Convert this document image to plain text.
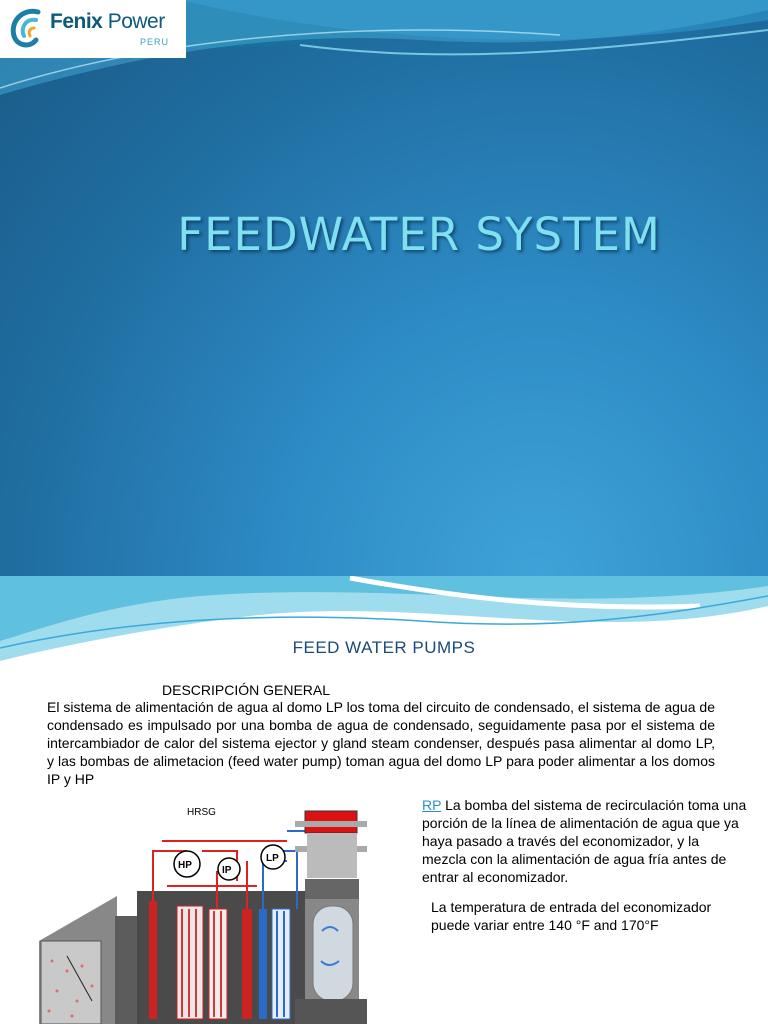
Fenix Power
PERU
FEEDWATER SYSTEM
FEED WATER PUMPS
DESCRIPCIÓN GENERAL
El sistema de alimentación de agua al domo LP los toma del circuito de condensado, el sistema de agua de condensado es impulsado por una bomba de agua de condensado, seguidamente pasa por el sistema de intercambiador de calor del sistema ejector y gland steam condenser, después pasa alimentar al domo LP, y las bombas de alimetacion (feed water pump) toman agua del domo LP para poder alimentar a los domos IP y HP
HRSG
HP	IP
LP
RP La bomba del sistema de recirculación toma una porción de la línea de alimentación de agua que ya haya pasado a través del economizador, y la mezcla con la alimentación de agua fría antes de entrar al economizador.
La temperatura de entrada del economizador puede variar entre 140 °F and 170°F
